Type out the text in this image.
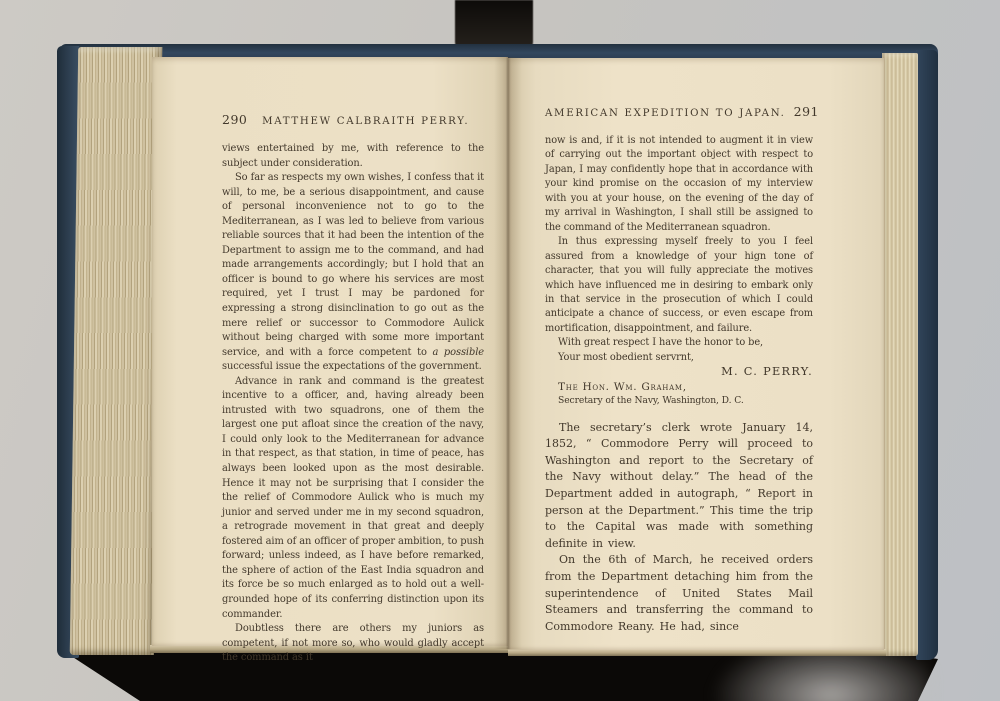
290	MATTHEW CALBRAITH PERRY.

views entertained by me, with reference to the subject under consideration.

So far as respects my own wishes, I confess that it will, to me, be a serious disappointment, and cause of personal inconvenience not to go to the Mediterranean, as I was led to believe from various reliable sources that it had been the intention of the Department to assign me to the command, and had made arrangements accordingly; but I hold that an officer is bound to go where his services are most required, yet I trust I may be pardoned for expressing a strong disinclination to go out as the mere relief or successor to Commodore Aulick without being charged with some more important service, and with a force competent to a possible successful issue the expectations of the government.

Advance in rank and command is the greatest incentive to a officer, and, having already been intrusted with two squadrons, one of them the largest one put afloat since the creation of the navy, I could only look to the Mediterranean for advance in that respect, as that station, in time of peace, has always been looked upon as the most desirable. Hence it may not be surprising that I consider the the relief of Commodore Aulick who is much my junior and served under me in my second squadron, a retrograde movement in that great and deeply fostered aim of an officer of proper ambition, to push forward; unless indeed, as I have before remarked, the sphere of action of the East India squadron and its force be so much enlarged as to hold out a well-grounded hope of its conferring distinction upon its commander.

Doubtless there are others my juniors as competent, if not more so, who would gladly accept the command as it

AMERICAN EXPEDITION TO JAPAN. 291

now is and, if it is not intended to augment it in view of carrying out the important object with respect to Japan, I may confidently hope that in accordance with your kind promise on the occasion of my interview with you at your house, on the evening of the day of my arrival in Washington, I shall still be assigned to the command of the Mediterranean squadron.

In thus expressing myself freely to you I feel assured from a knowledge of your hign tone of character, that you will fully appreciate the motives which have influenced me in desiring to embark only in that service in the prosecution of which I could anticipate a chance of success, or even escape from mortification, disappointment, and failure.

With great respect I have the honor to be,

Your most obedient servrnt,

M. C. PERRY.

The Hon. Wm. Graham,

Secretary of the Navy, Washington, D. C.

The secretary’s clerk wrote January 14, 1852, “ Commodore Perry will proceed to Washington and report to the Secretary of the Navy without delay.” The head of the Department added in autograph, “ Report in person at the Department.” This time the trip to the Capital was made with something definite in view.

On the 6th of March, he received orders from the Department detaching him from the superintendence of United States Mail Steamers and transferring the command to Commodore Reany. He had, since
